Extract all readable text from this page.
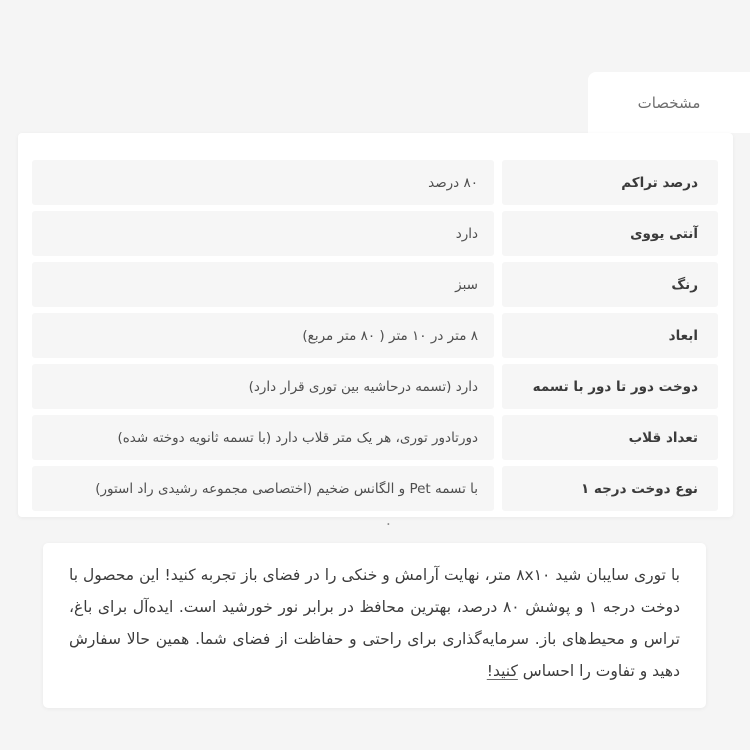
مشخصات
درصد تراکم
۸۰ درصد
آنتی یووی
دارد
رنگ
سبز
ابعاد
۸ متر در ۱۰ متر ( ۸۰ متر مربع)
دوخت دور تا دور با تسمه
دارد (تسمه درحاشیه بین توری قرار دارد)
تعداد قلاب
دورتادور توری، هر یک متر قلاب دارد (با تسمه ثانویه دوخته شده)
نوع دوخت درجه ۱
با تسمه Pet و الگانس ضخیم (اختصاصی مجموعه رشیدی راد استور)
.

با توری سایبان شید ۸x۱۰ متر، نهایت آرامش و خنکی را در فضای باز تجربه کنید! این محصول با دوخت درجه ۱ و پوشش ۸۰ درصد، بهترین محافظ در برابر نور خورشید است. ایده‌آل برای باغ، تراس و محیط‌های باز. سرمایه‌گذاری برای راحتی و حفاظت از فضای شما. همین حالا سفارش دهید و تفاوت را احساس کنید!
